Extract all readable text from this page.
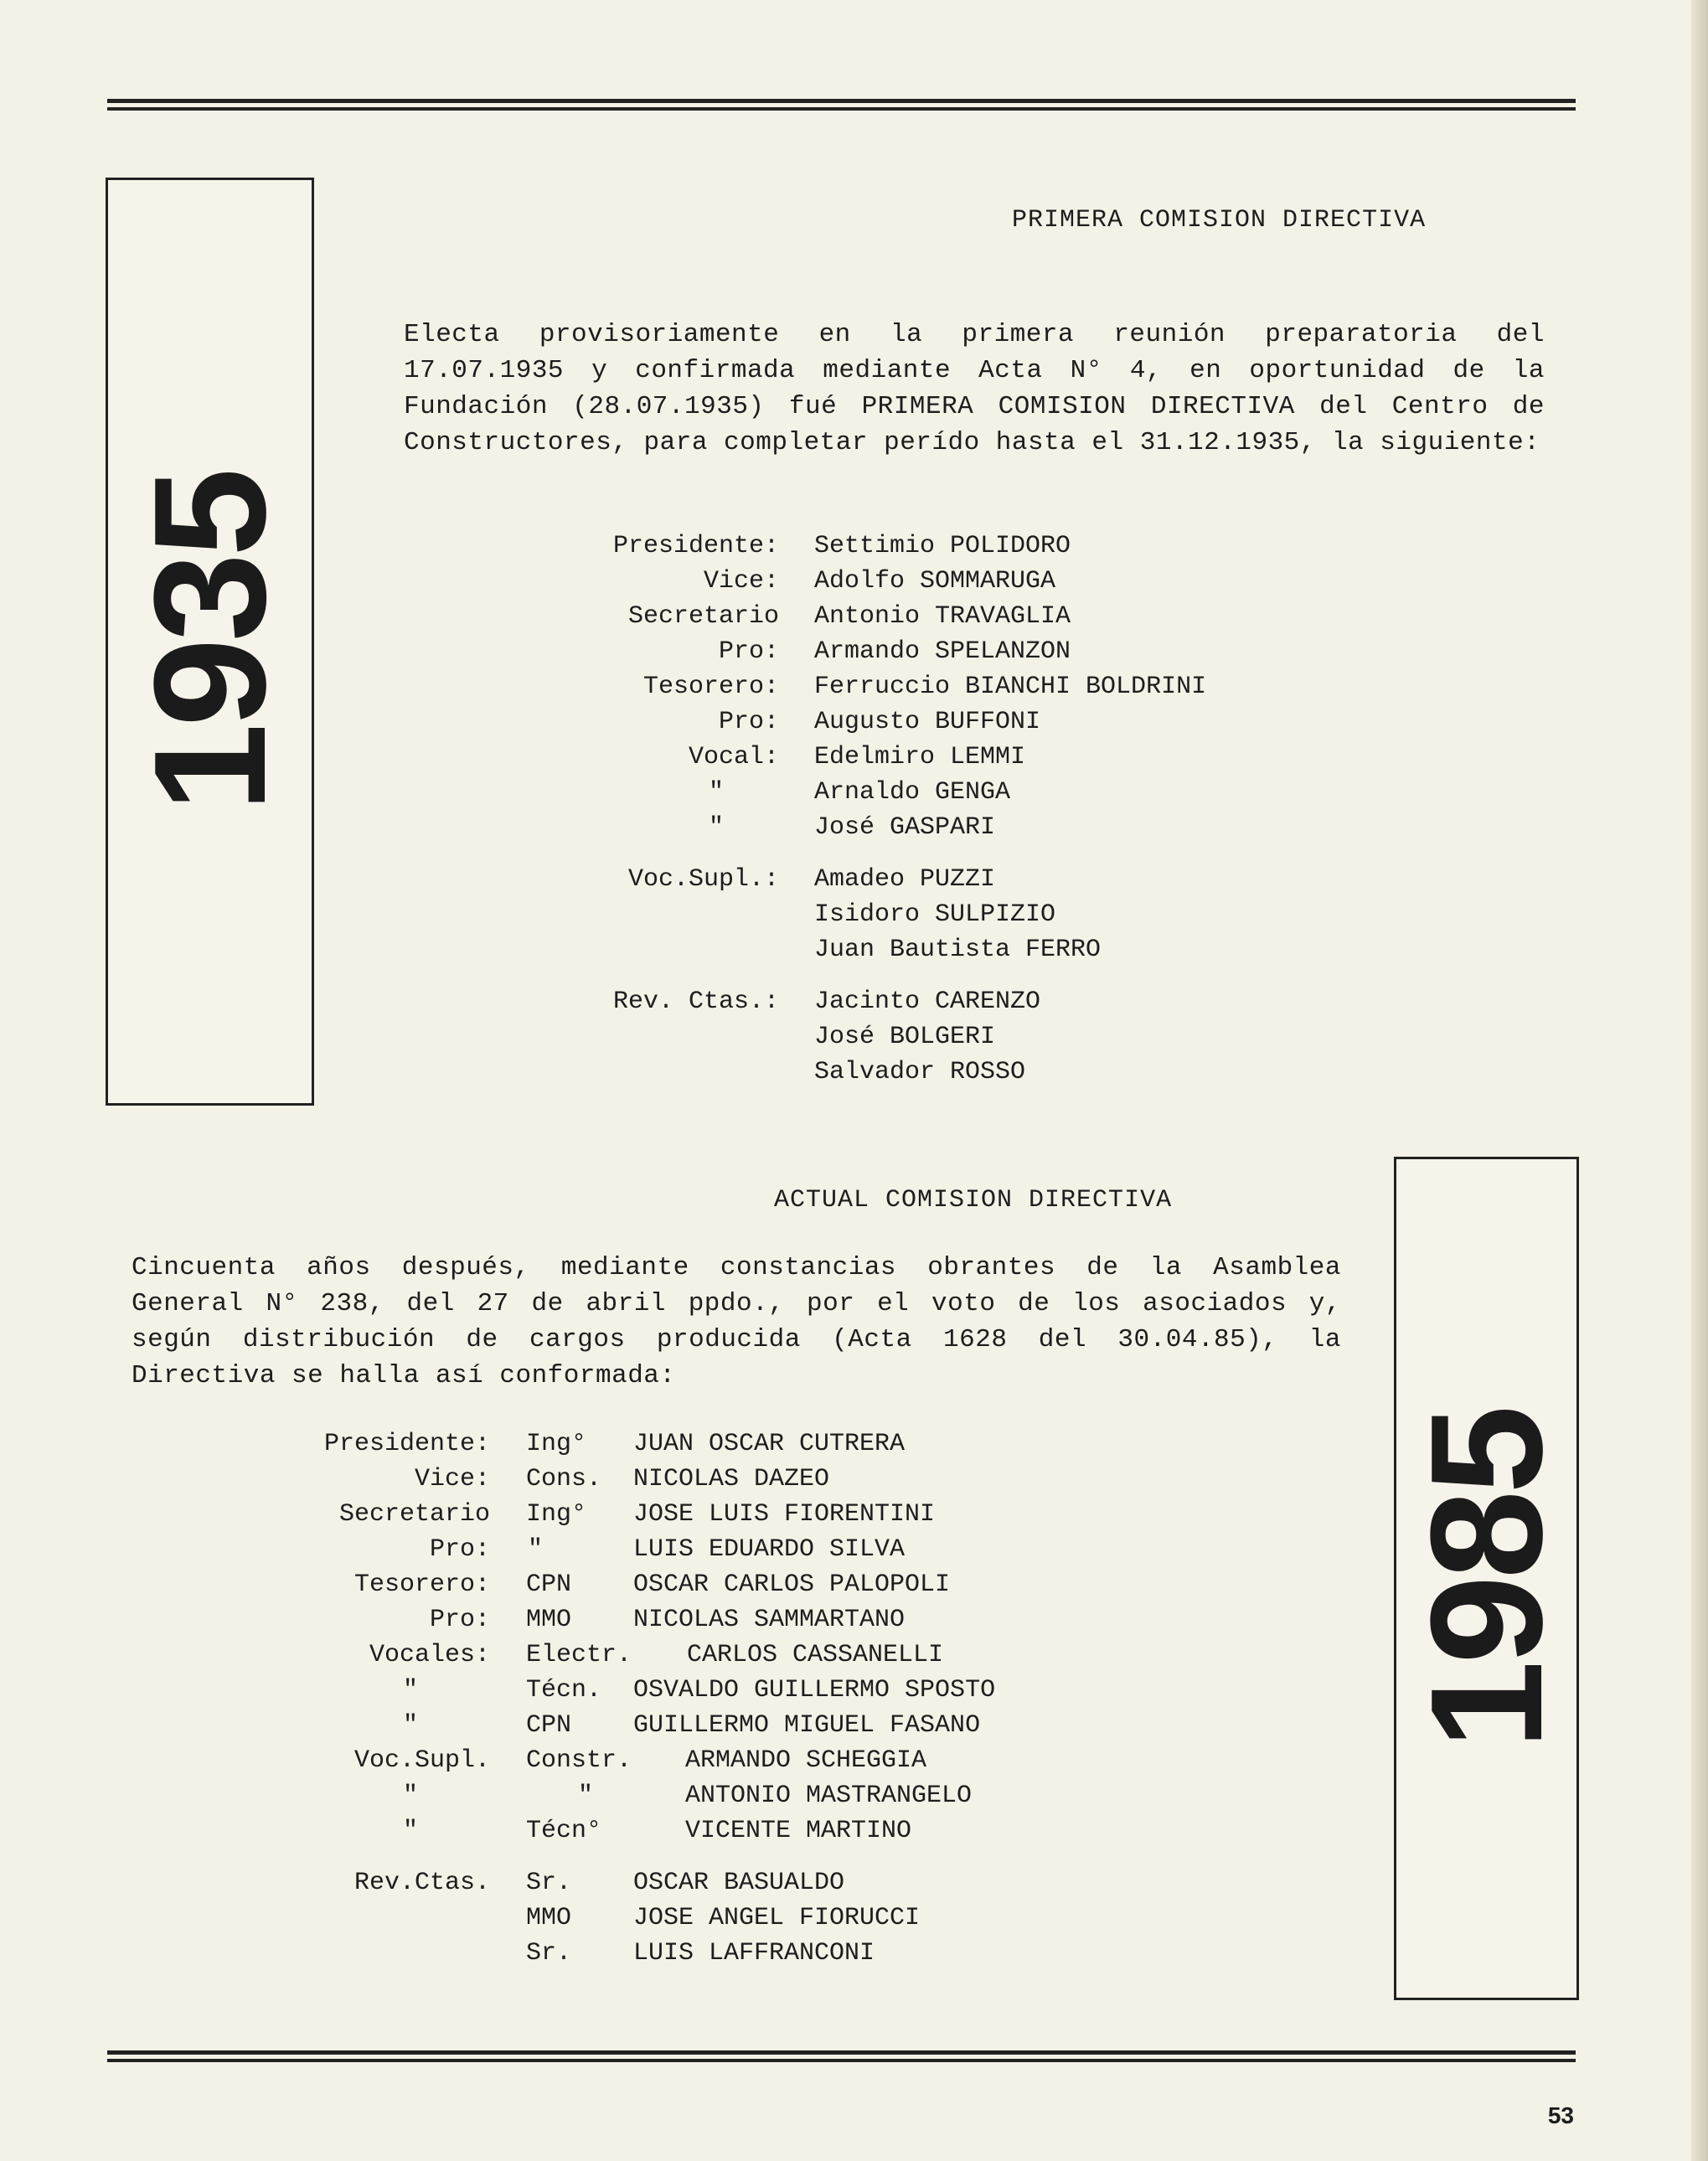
1935
PRIMERA COMISION DIRECTIVA
Electa provisoriamente en la primera reunión preparatoria del 17.07.1935 y confirmada mediante Acta N° 4, en oportunidad de la Fundación (28.07.1935) fué PRIMERA COMISION DIRECTIVA del Centro de Constructores, para completar perído hasta el 31.12.1935, la siguiente:
Presidente: Settimio POLIDORO
Vice: Adolfo SOMMARUGA
Secretario Antonio TRAVAGLIA
Pro: Armando SPELANZON
Tesorero: Ferruccio BIANCHI BOLDRINI
Pro: Augusto BUFFONI
Vocal: Edelmiro LEMMI
"	Arnaldo GENGA
"	José GASPARI
Voc.Supl.: Amadeo PUZZI
Isidoro SULPIZIO
Juan Bautista FERRO
Rev. Ctas.: Jacinto CARENZO
José BOLGERI
Salvador ROSSO
1985
ACTUAL COMISION DIRECTIVA
Cincuenta años después, mediante constancias obrantes de la Asamblea General N° 238, del 27 de abril ppdo., por el voto de los asociados y, según distribución de cargos producida (Acta 1628 del 30.04.85), la Directiva se halla así conformada:
Presidente: Ing° JUAN OSCAR CUTRERA
Vice: Cons. NICOLAS DAZEO
Secretario Ing° JOSE LUIS FIORENTINI
Pro: "	LUIS EDUARDO SILVA
Tesorero: CPN OSCAR CARLOS PALOPOLI
Pro: MMO NICOLAS SAMMARTANO
Vocales: Electr. CARLOS CASSANELLI
"	Técn. OSVALDO GUILLERMO SPOSTO
"	CPN GUILLERMO MIGUEL FASANO
Voc.Supl. Constr. ARMANDO SCHEGGIA
"	"	ANTONIO MASTRANGELO
"	Técn°	VICENTE MARTINO
Rev.Ctas. Sr. OSCAR BASUALDO
MMO JOSE ANGEL FIORUCCI
Sr. LUIS LAFFRANCONI
53
